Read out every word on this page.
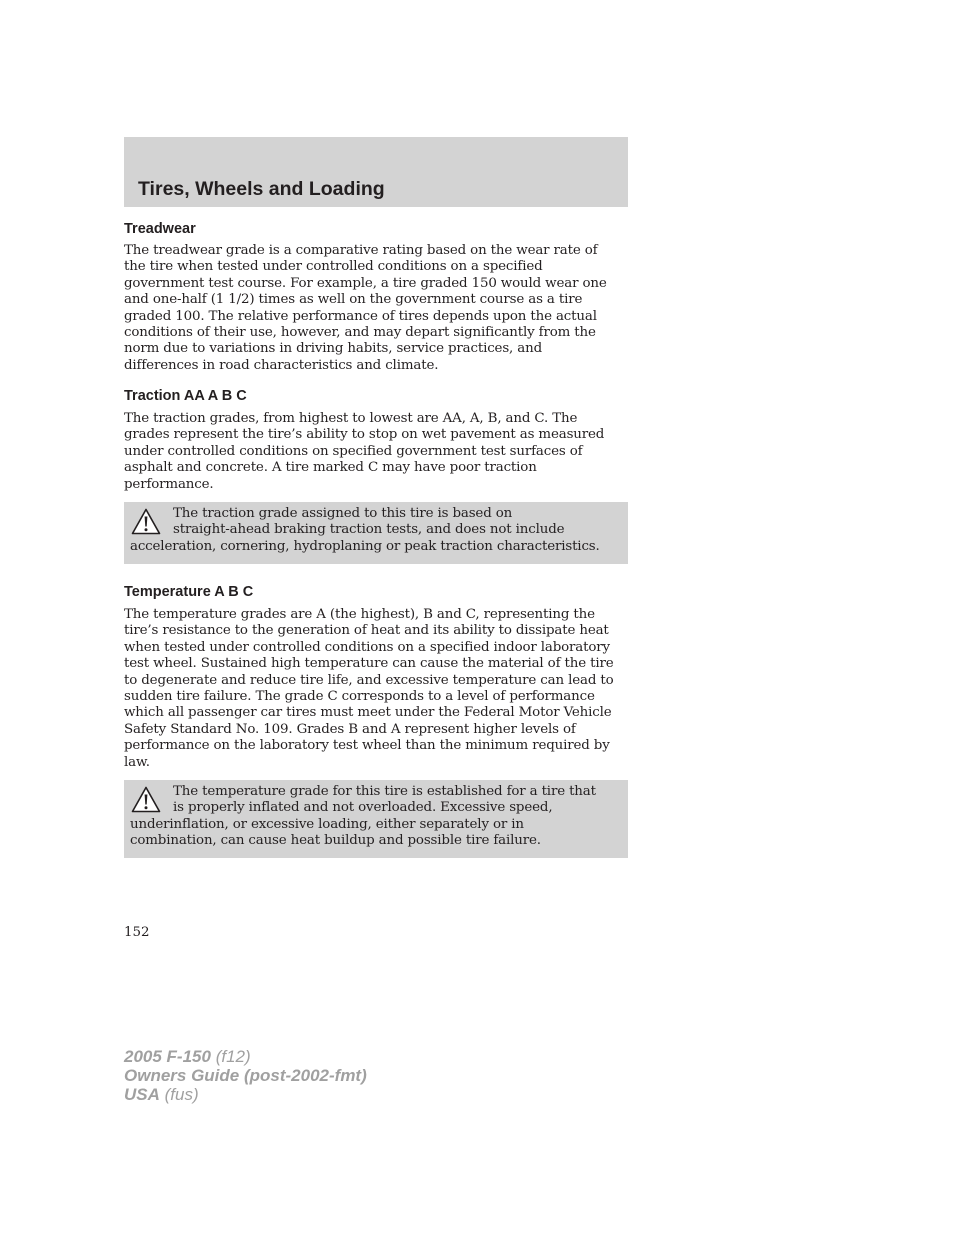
Tires, Wheels and Loading
Treadwear
The treadwear grade is a comparative rating based on the wear rate of
the tire when tested under controlled conditions on a specified
government test course. For example, a tire graded 150 would wear one
and one-half (1 1/2) times as well on the government course as a tire
graded 100. The relative performance of tires depends upon the actual
conditions of their use, however, and may depart significantly from the
norm due to variations in driving habits, service practices, and
differences in road characteristics and climate.
Traction AA A B C
The traction grades, from highest to lowest are AA, A, B, and C. The
grades represent the tire’s ability to stop on wet pavement as measured
under controlled conditions on specified government test surfaces of
asphalt and concrete. A tire marked C may have poor traction
performance.
The traction grade assigned to this tire is based on
straight-ahead braking traction tests, and does not include
acceleration, cornering, hydroplaning or peak traction characteristics.
Temperature A B C
The temperature grades are A (the highest), B and C, representing the
tire’s resistance to the generation of heat and its ability to dissipate heat
when tested under controlled conditions on a specified indoor laboratory
test wheel. Sustained high temperature can cause the material of the tire
to degenerate and reduce tire life, and excessive temperature can lead to
sudden tire failure. The grade C corresponds to a level of performance
which all passenger car tires must meet under the Federal Motor Vehicle
Safety Standard No. 109. Grades B and A represent higher levels of
performance on the laboratory test wheel than the minimum required by
law.
The temperature grade for this tire is established for a tire that
is properly inflated and not overloaded. Excessive speed,
underinflation, or excessive loading, either separately or in
combination, can cause heat buildup and possible tire failure.
152
2005 F-150 (f12)
Owners Guide (post-2002-fmt)
USA (fus)
